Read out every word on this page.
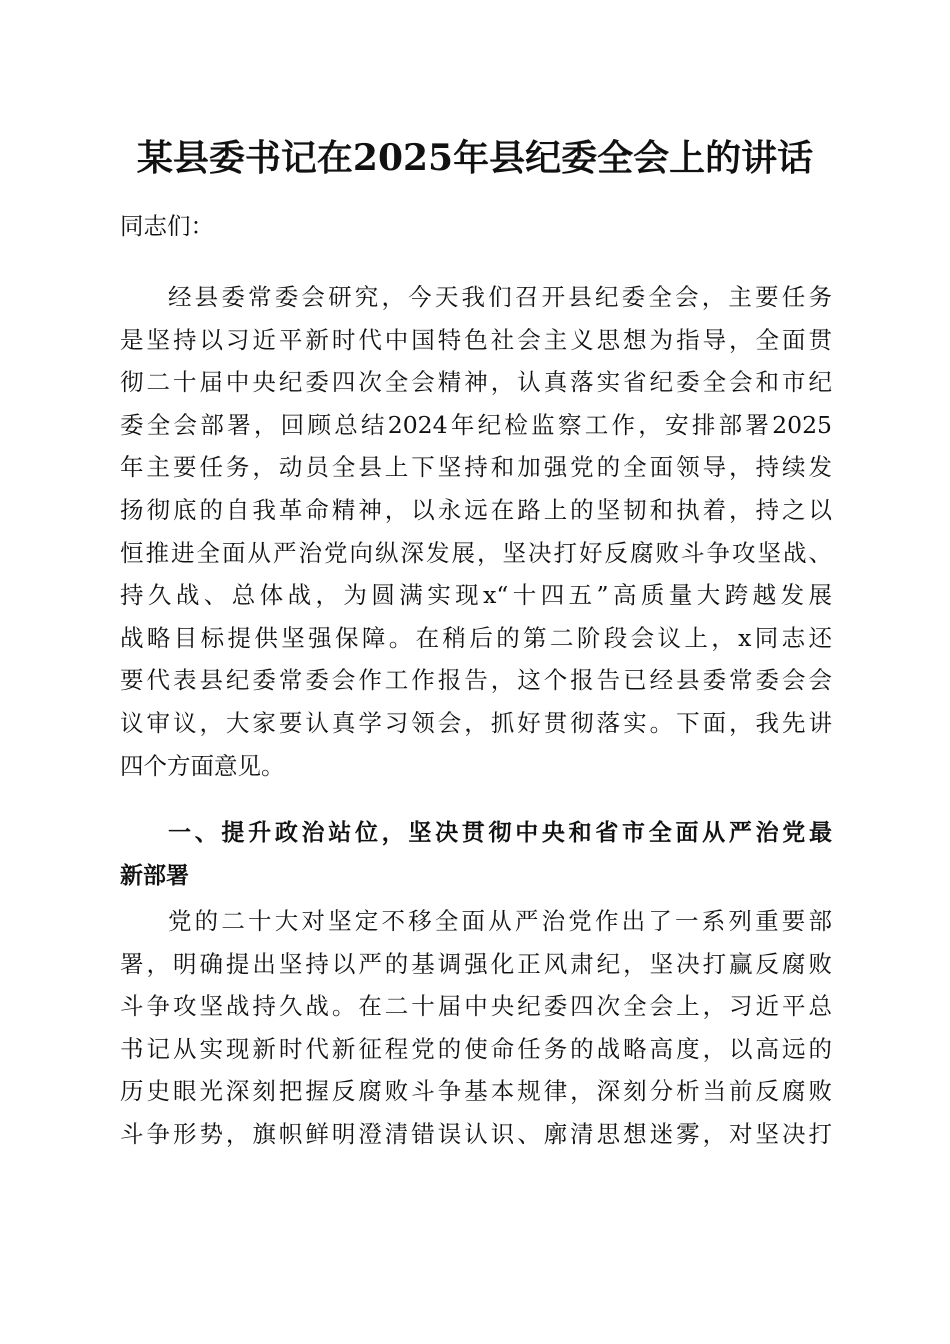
某县委书记在2025年县纪委全会上的讲话

同志们：

经县委常委会研究，今天我们召开县纪委全会，主要任务
是坚持以习近平新时代中国特色社会主义思想为指导，全面贯
彻二十届中央纪委四次全会精神，认真落实省纪委全会和市纪
委全会部署，回顾总结2024年纪检监察工作，安排部署2025
年主要任务，动员全县上下坚持和加强党的全面领导，持续发
扬彻底的自我革命精神，以永远在路上的坚韧和执着，持之以
恒推进全面从严治党向纵深发展，坚决打好反腐败斗争攻坚战、
持久战、总体战，为圆满实现x“十四五”高质量大跨越发展
战略目标提供坚强保障。在稍后的第二阶段会议上，x同志还
要代表县纪委常委会作工作报告，这个报告已经县委常委会会
议审议，大家要认真学习领会，抓好贯彻落实。下面，我先讲
四个方面意见。
一、提升政治站位，坚决贯彻中央和省市全面从严治党最
新部署
党的二十大对坚定不移全面从严治党作出了一系列重要部
署，明确提出坚持以严的基调强化正风肃纪，坚决打赢反腐败
斗争攻坚战持久战。在二十届中央纪委四次全会上，习近平总
书记从实现新时代新征程党的使命任务的战略高度，以高远的
历史眼光深刻把握反腐败斗争基本规律，深刻分析当前反腐败
斗争形势，旗帜鲜明澄清错误认识、廓清思想迷雾，对坚决打
